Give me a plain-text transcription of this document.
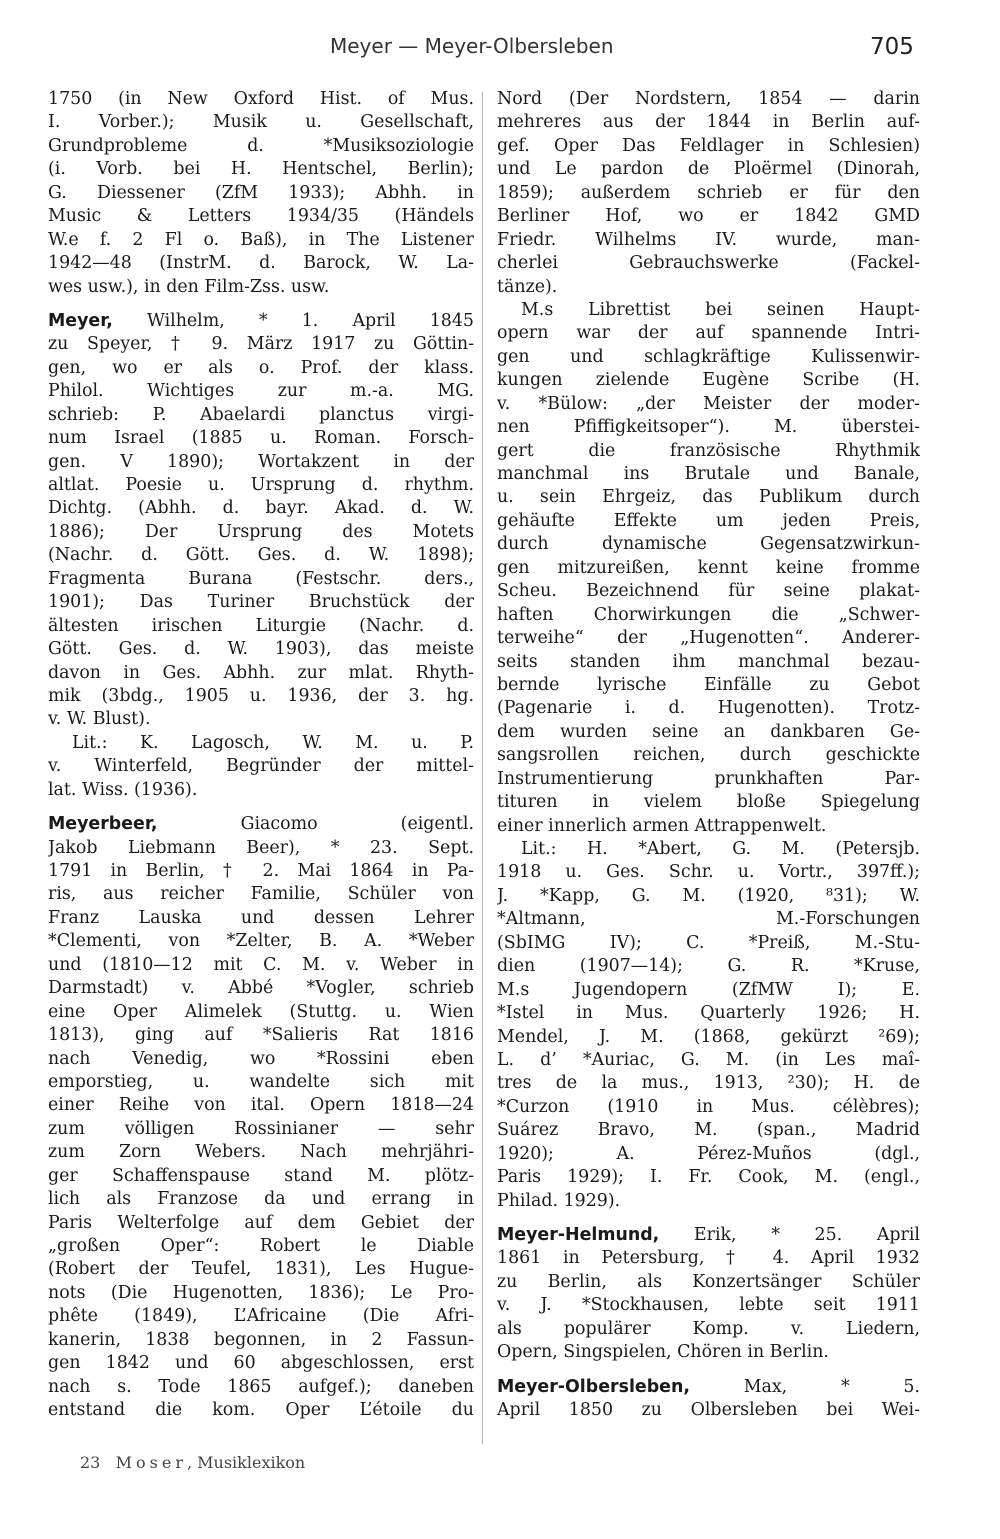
Meyer — Meyer-Olbersleben	705
1750 (in New Oxford Hist. of Mus.
I. Vorber.); Musik u. Gesellschaft,
Grundprobleme d. *Musiksoziologie
(i. Vorb. bei H. Hentschel, Berlin);
G. Diessener (ZfM 1933); Abhh. in
Music & Letters 1934/35 (Händels
W.e f. 2 Fl o. Baß), in The Listener
1942—48 (InstrM. d. Barock, W. La-
wes usw.), in den Film-Zss. usw.
Meyer, Wilhelm, * 1. April 1845
zu Speyer, † 9. März 1917 zu Göttin-
gen, wo er als o. Prof. der klass.
Philol. Wichtiges zur m.-a. MG.
schrieb: P. Abaelardi planctus virgi-
num Israel (1885 u. Roman. Forsch-
gen. V 1890); Wortakzent in der
altlat. Poesie u. Ursprung d. rhythm.
Dichtg. (Abhh. d. bayr. Akad. d. W.
1886); Der Ursprung des Motets
(Nachr. d. Gött. Ges. d. W. 1898);
Fragmenta Burana (Festschr. ders.,
1901); Das Turiner Bruchstück der
ältesten irischen Liturgie (Nachr. d.
Gött. Ges. d. W. 1903), das meiste
davon in Ges. Abhh. zur mlat. Rhyth-
mik (3bdg., 1905 u. 1936, der 3. hg.
v. W. Blust).
Lit.: K. Lagosch, W. M. u. P.
v. Winterfeld, Begründer der mittel-
lat. Wiss. (1936).
Meyerbeer, Giacomo (eigentl.
Jakob Liebmann Beer), * 23. Sept.
1791 in Berlin, † 2. Mai 1864 in Pa-
ris, aus reicher Familie, Schüler von
Franz Lauska und dessen Lehrer
*Clementi, von *Zelter, B. A. *Weber
und (1810—12 mit C. M. v. Weber in
Darmstadt) v. Abbé *Vogler, schrieb
eine Oper Alimelek (Stuttg. u. Wien
1813), ging auf *Salieris Rat 1816
nach Venedig, wo *Rossini eben
emporstieg, u. wandelte sich mit
einer Reihe von ital. Opern 1818—24
zum völligen Rossinianer — sehr
zum Zorn Webers. Nach mehrjähri-
ger Schaffenspause stand M. plötz-
lich als Franzose da und errang in
Paris Welterfolge auf dem Gebiet der
„großen Oper“: Robert le Diable
(Robert der Teufel, 1831), Les Hugue-
nots (Die Hugenotten, 1836); Le Pro-
phête (1849), L’Africaine (Die Afri-
kanerin, 1838 begonnen, in 2 Fassun-
gen 1842 und 60 abgeschlossen, erst
nach s. Tode 1865 aufgef.); daneben
entstand die kom. Oper L’étoile du
Nord (Der Nordstern, 1854 — darin
mehreres aus der 1844 in Berlin auf-
gef. Oper Das Feldlager in Schlesien)
und Le pardon de Ploërmel (Dinorah,
1859); außerdem schrieb er für den
Berliner Hof, wo er 1842 GMD
Friedr. Wilhelms IV. wurde, man-
cherlei Gebrauchswerke (Fackel-
tänze).
M.s Librettist bei seinen Haupt-
opern war der auf spannende Intri-
gen und schlagkräftige Kulissenwir-
kungen zielende Eugène Scribe (H.
v. *Bülow: „der Meister der moder-
nen Pfiffigkeitsoper“). M. überstei-
gert die französische Rhythmik
manchmal ins Brutale und Banale,
u. sein Ehrgeiz, das Publikum durch
gehäufte Effekte um jeden Preis,
durch dynamische Gegensatzwirkun-
gen mitzureißen, kennt keine fromme
Scheu. Bezeichnend für seine plakat-
haften Chorwirkungen die „Schwer-
terweihe“ der „Hugenotten“. Anderer-
seits standen ihm manchmal bezau-
bernde lyrische Einfälle zu Gebot
(Pagenarie i. d. Hugenotten). Trotz-
dem wurden seine an dankbaren Ge-
sangsrollen reichen, durch geschickte
Instrumentierung prunkhaften Par-
tituren in vielem bloße Spiegelung
einer innerlich armen Attrappenwelt.
Lit.: H. *Abert, G. M. (Petersjb.
1918 u. Ges. Schr. u. Vortr., 397ff.);
J. *Kapp, G. M. (1920, ⁸31); W.
*Altmann, M.-Forschungen
(SbIMG IV); C. *Preiß, M.-Stu-
dien (1907—14); G. R. *Kruse,
M.s Jugendopern (ZfMW I); E.
*Istel in Mus. Quarterly 1926; H.
Mendel, J. M. (1868, gekürzt ²69);
L. d’ *Auriac, G. M. (in Les maî-
tres de la mus., 1913, ²30); H. de
*Curzon (1910 in Mus. célèbres);
Suárez Bravo, M. (span., Madrid
1920); A. Pérez-Muños (dgl.,
Paris 1929); I. Fr. Cook, M. (engl.,
Philad. 1929).
Meyer-Helmund, Erik, * 25. April
1861 in Petersburg, † 4. April 1932
zu Berlin, als Konzertsänger Schüler
v. J. *Stockhausen, lebte seit 1911
als populärer Komp. v. Liedern,
Opern, Singspielen, Chören in Berlin.
Meyer-Olbersleben, Max, * 5.
April 1850 zu Olbersleben bei Wei-
23 Moser, Musiklexikon
